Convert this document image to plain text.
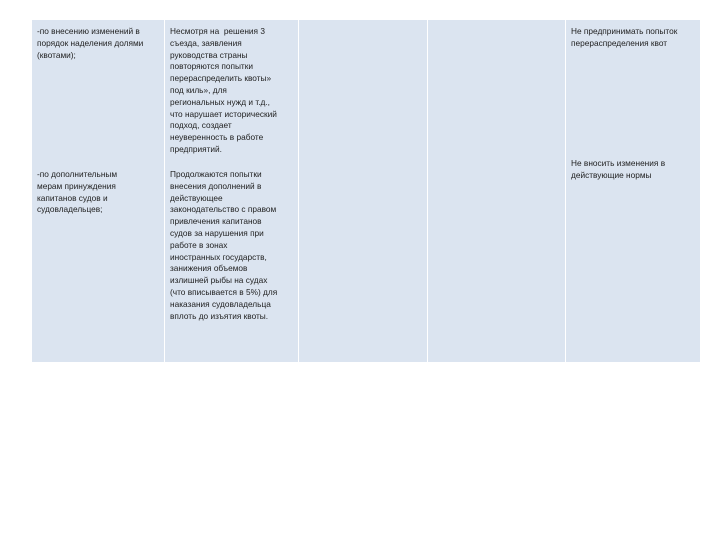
-по внесению изменений в
порядок наделения долями
(квотами);

-по дополнительным
мерам принуждения
капитанов судов и
судовладельцев;

Несмотря на  решения 3
съезда, заявления
руководства страны
повторяются попытки
перераспределить квоты»
под киль», для
региональных нужд и т.д.,
что нарушает исторический
подход, создает
неуверенность в работе
предприятий.

Продолжаются попытки
внесения дополнений в
действующее
законодательство с правом
привлечения капитанов
судов за нарушения при
работе в зонах
иностранных государств,
занижения объемов
излишней рыбы на судах
(что вписывается в 5%) для
наказания судовладельца
вплоть до изъятия квоты.

Не предпринимать попыток
перераспределения квот

Не вносить изменения в
действующие нормы
